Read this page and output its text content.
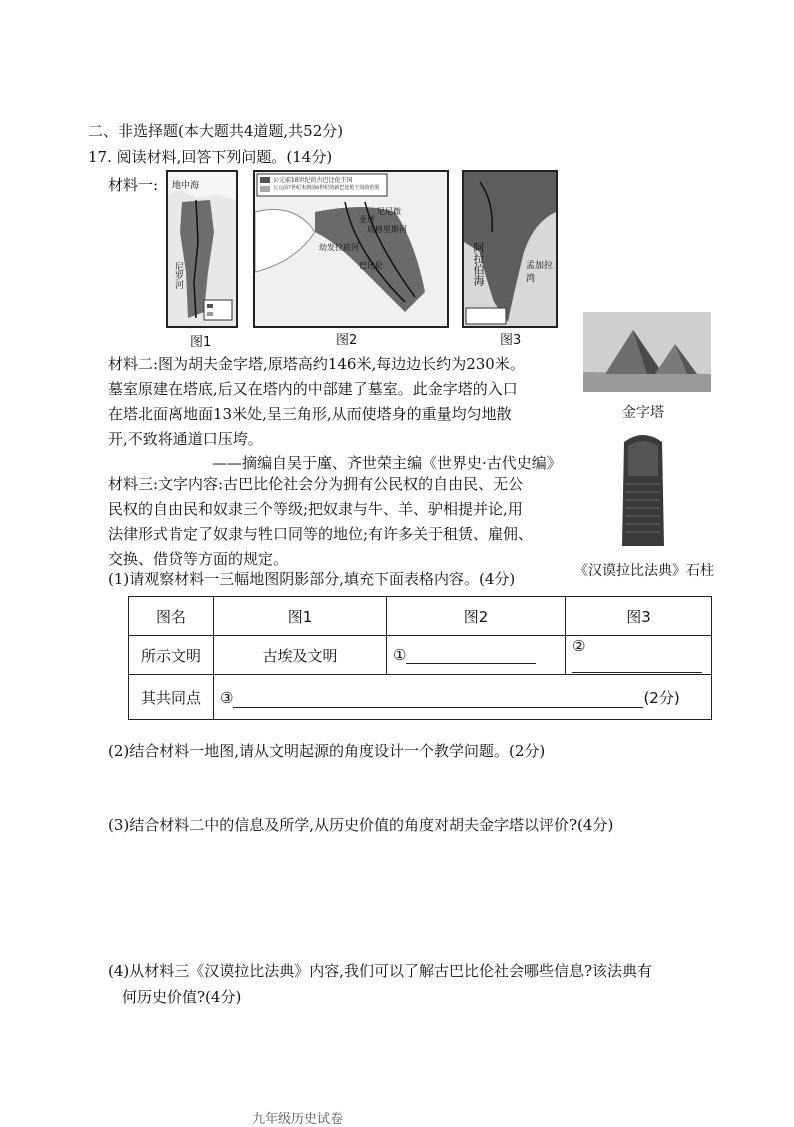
二、非选择题(本大题共4道题,共52分)
17. 阅读材料,回答下列问题。(14分)
材料一: 地中海
尼罗河
图1
公元前18世纪的古巴比伦王国
公元前7世纪末到前6世纪的新巴比伦王国的范围
幼发拉底河
底格里斯河
尼尼微
亚述
巴比伦
图2
阿拉伯海	孟加拉湾
图3
金字塔
《汉谟拉比法典》石柱
材料二:图为胡夫金字塔,原塔高约146米,每边边长约为230米。
墓室原建在塔底,后又在塔内的中部建了墓室。此金字塔的入口
在塔北面离地面13米处,呈三角形,从而使塔身的重量均匀地散
开,不致将通道口压垮。
——摘编自吴于廑、齐世荣主编《世界史·古代史编》
材料三:文字内容:古巴比伦社会分为拥有公民权的自由民、无公
民权的自由民和奴隶三个等级;把奴隶与牛、羊、驴相提并论,用
法律形式肯定了奴隶与牲口同等的地位;有许多关于租赁、雇佣、
交换、借贷等方面的规定。
(1)请观察材料一三幅地图阴影部分,填充下面表格内容。(4分)
图名	图1	图2	图3
所示文明	古埃及文明	①	②
其共同点	③ (2分)		
(2)结合材料一地图,请从文明起源的角度设计一个教学问题。(2分)
(3)结合材料二中的信息及所学,从历史价值的角度对胡夫金字塔以评价?(4分)
(4)从材料三《汉谟拉比法典》内容,我们可以了解古巴比伦社会哪些信息?该法典有
何历史价值?(4分)
九年级历史试卷
